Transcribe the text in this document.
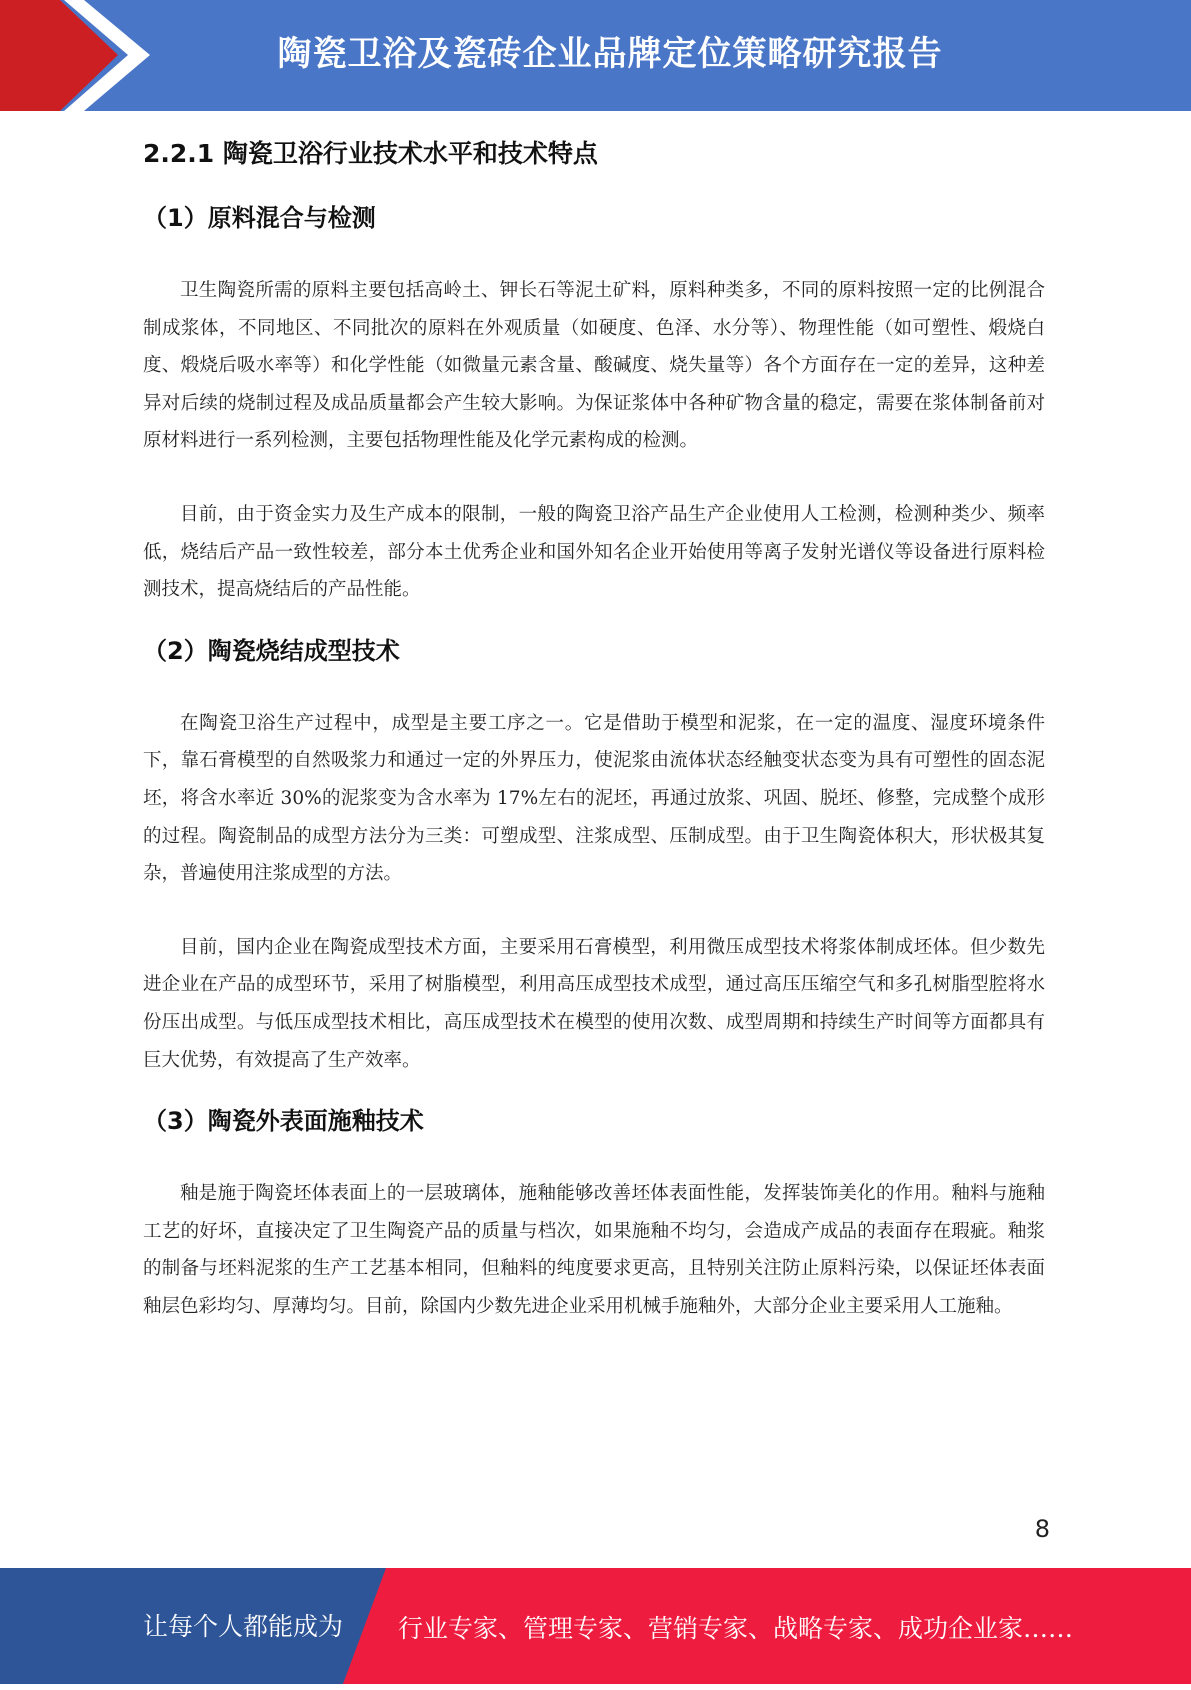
陶瓷卫浴及瓷砖企业品牌定位策略研究报告
2.2.1 陶瓷卫浴行业技术水平和技术特点
（1）原料混合与检测

卫生陶瓷所需的原料主要包括高岭土、钾长石等泥土矿料，原料种类多，不同的原料按照一定的比例混合制成浆体，不同地区、不同批次的原料在外观质量（如硬度、色泽、水分等）、物理性能（如可塑性、煅烧白度、煅烧后吸水率等）和化学性能（如微量元素含量、酸碱度、烧失量等）各个方面存在一定的差异，这种差异对后续的烧制过程及成品质量都会产生较大影响。为保证浆体中各种矿物含量的稳定，需要在浆体制备前对原材料进行一系列检测，主要包括物理性能及化学元素构成的检测。

目前，由于资金实力及生产成本的限制，一般的陶瓷卫浴产品生产企业使用人工检测，检测种类少、频率低，烧结后产品一致性较差，部分本土优秀企业和国外知名企业开始使用等离子发射光谱仪等设备进行原料检测技术，提高烧结后的产品性能。

（2）陶瓷烧结成型技术

在陶瓷卫浴生产过程中，成型是主要工序之一。它是借助于模型和泥浆，在一定的温度、湿度环境条件下，靠石膏模型的自然吸浆力和通过一定的外界压力，使泥浆由流体状态经触变状态变为具有可塑性的固态泥坯，将含水率近 30%的泥浆变为含水率为 17%左右的泥坯，再通过放浆、巩固、脱坯、修整，完成整个成形的过程。陶瓷制品的成型方法分为三类：可塑成型、注浆成型、压制成型。由于卫生陶瓷体积大，形状极其复杂，普遍使用注浆成型的方法。

目前，国内企业在陶瓷成型技术方面，主要采用石膏模型，利用微压成型技术将浆体制成坯体。但少数先进企业在产品的成型环节，采用了树脂模型，利用高压成型技术成型，通过高压压缩空气和多孔树脂型腔将水份压出成型。与低压成型技术相比，高压成型技术在模型的使用次数、成型周期和持续生产时间等方面都具有巨大优势，有效提高了生产效率。

（3）陶瓷外表面施釉技术

釉是施于陶瓷坯体表面上的一层玻璃体，施釉能够改善坯体表面性能，发挥装饰美化的作用。釉料与施釉工艺的好坏，直接决定了卫生陶瓷产品的质量与档次，如果施釉不均匀，会造成产成品的表面存在瑕疵。釉浆的制备与坯料泥浆的生产工艺基本相同，但釉料的纯度要求更高，且特别关注防止原料污染，以保证坯体表面釉层色彩均匀、厚薄均匀。目前，除国内少数先进企业采用机械手施釉外，大部分企业主要采用人工施釉。

8
让每个人都能成为 行业专家、管理专家、营销专家、战略专家、成功企业家……
